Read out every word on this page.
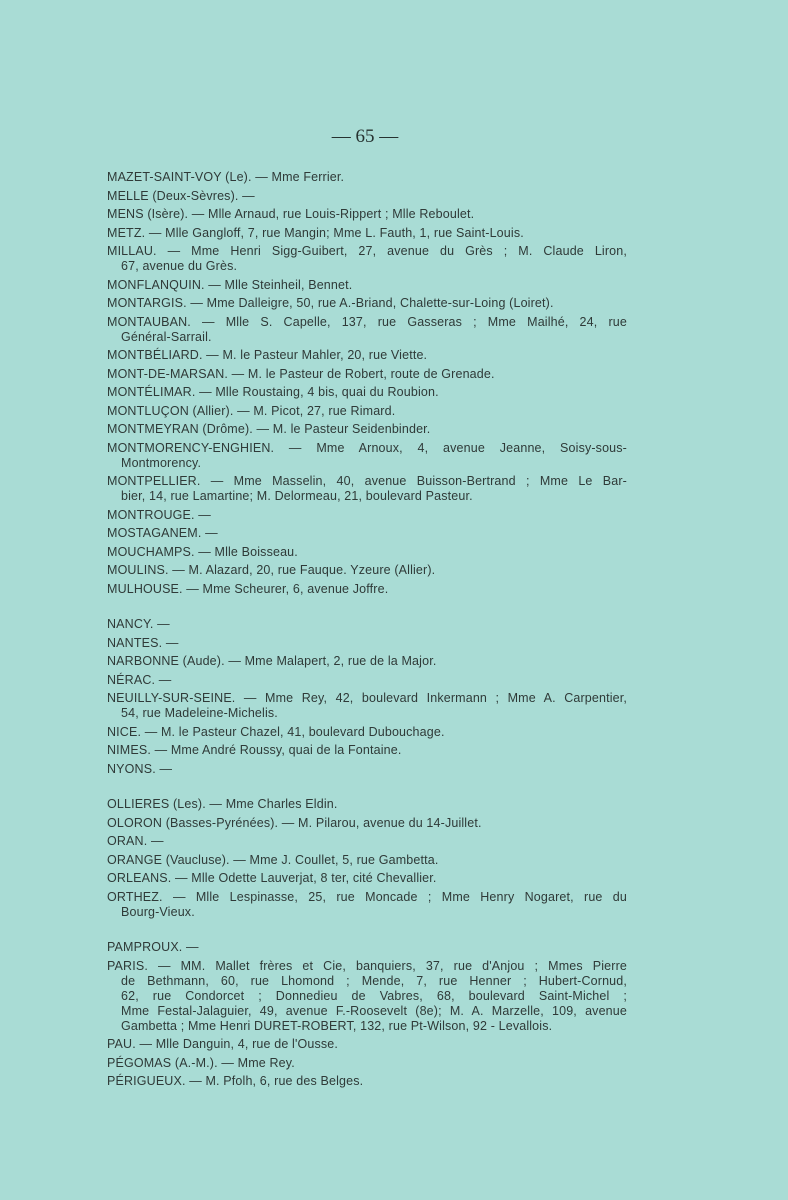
— 65 —
MAZET-SAINT-VOY (Le). — Mme Ferrier.
MELLE (Deux-Sèvres). —
MENS (Isère). — Mlle Arnaud, rue Louis-Rippert ; Mlle Reboulet.
METZ. — Mlle Gangloff, 7, rue Mangin; Mme L. Fauth, 1, rue Saint-Louis.
MILLAU. — Mme Henri Sigg-Guibert, 27, avenue du Grès ; M. Claude Liron,
67, avenue du Grès.
MONFLANQUIN. — Mlle Steinheil, Bennet.
MONTARGIS. — Mme Dalleigre, 50, rue A.-Briand, Chalette-sur-Loing (Loiret).
MONTAUBAN. — Mlle S. Capelle, 137, rue Gasseras ; Mme Mailhé, 24, rue
Général-Sarrail.
MONTBÉLIARD. — M. le Pasteur Mahler, 20, rue Viette.
MONT-DE-MARSAN. — M. le Pasteur de Robert, route de Grenade.
MONTÉLIMAR. — Mlle Roustaing, 4 bis, quai du Roubion.
MONTLUÇON (Allier). — M. Picot, 27, rue Rimard.
MONTMEYRAN (Drôme). — M. le Pasteur Seidenbinder.
MONTMORENCY-ENGHIEN. — Mme Arnoux, 4, avenue Jeanne, Soisy-sous-
Montmorency.
MONTPELLIER. — Mme Masselin, 40, avenue Buisson-Bertrand ; Mme Le Bar-
bier, 14, rue Lamartine; M. Delormeau, 21, boulevard Pasteur.
MONTROUGE. —
MOSTAGANEM. —
MOUCHAMPS. — Mlle Boisseau.
MOULINS. — M. Alazard, 20, rue Fauque. Yzeure (Allier).
MULHOUSE. — Mme Scheurer, 6, avenue Joffre.
NANCY. —
NANTES. —
NARBONNE (Aude). — Mme Malapert, 2, rue de la Major.
NÉRAC. —
NEUILLY-SUR-SEINE. — Mme Rey, 42, boulevard Inkermann ; Mme A. Carpentier,
54, rue Madeleine-Michelis.
NICE. — M. le Pasteur Chazel, 41, boulevard Dubouchage.
NIMES. — Mme André Roussy, quai de la Fontaine.
NYONS. —
OLLIERES (Les). — Mme Charles Eldin.
OLORON (Basses-Pyrénées). — M. Pilarou, avenue du 14-Juillet.
ORAN. —
ORANGE (Vaucluse). — Mme J. Coullet, 5, rue Gambetta.
ORLEANS. — Mlle Odette Lauverjat, 8 ter, cité Chevallier.
ORTHEZ. — Mlle Lespinasse, 25, rue Moncade ; Mme Henry Nogaret, rue du
Bourg-Vieux.
PAMPROUX. —
PARIS. — MM. Mallet frères et Cie, banquiers, 37, rue d'Anjou ; Mmes Pierre
de Bethmann, 60, rue Lhomond ; Mende, 7, rue Henner ; Hubert-Cornud,
62, rue Condorcet ; Donnedieu de Vabres, 68, boulevard Saint-Michel ;
Mme Festal-Jalaguier, 49, avenue F.-Roosevelt (8e); M. A. Marzelle, 109, avenue
Gambetta ; Mme Henri DURET-ROBERT, 132, rue Pt-Wilson, 92 - Levallois.
PAU. — Mlle Danguin, 4, rue de l'Ousse.
PÉGOMAS (A.-M.). — Mme Rey.
PÉRIGUEUX. — M. Pfolh, 6, rue des Belges.
